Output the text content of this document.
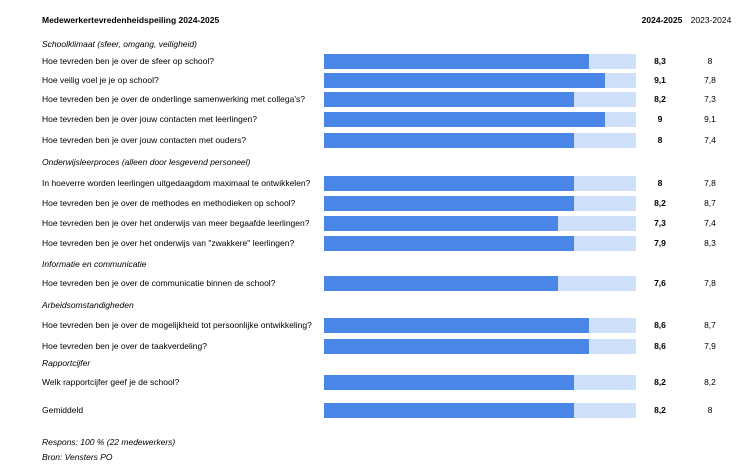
Medewerkertevredenheidspeiling 2024-2025	2024-2025 2023-2024
Schoolklimaat (sfeer, omgang, veiligheid)
Hoe tevreden ben je over de sfeer op school?	8,3	8
Hoe veilig voel je je op school?	9,1	7,8
Hoe tevreden ben je over de onderlinge samenwerking met collega's?	8,2	7,3
Hoe tevreden ben je over jouw contacten met leerlingen?	9	9,1
Hoe tevreden ben je over jouw contacten met ouders?	8	7,4
Onderwijsleerproces (alleen door lesgevend personeel)
In hoeverre worden leerlingen uitgedaagdom maximaal te ontwikkelen?	8	7,8
Hoe tevreden ben je over de methodes en methodieken op school?	8,2	8,7
Hoe tevreden ben je over het onderwijs van meer begaafde leerlingen?	7,3	7,4
Hoe tevreden ben je over het onderwijs van "zwakkere" leerlingen?	7,9	8,3
Informatie en communicatie
Hoe tevreden ben je over de communicatie binnen de school?	7,6	7,8
Arbeidsomstandigheden
Hoe tevreden ben je over de mogelijkheid tot persoonlijke ontwikkeling?	8,6	8,7
Hoe tevreden ben je over de taakverdeling?	8,6	7,9
Rapportcijfer
Welk rapportcijfer geef je de school?	8,2	8,2
Gemiddeld	8,2	8
Respons: 100 % (22 medewerkers)
Bron: Vensters PO
